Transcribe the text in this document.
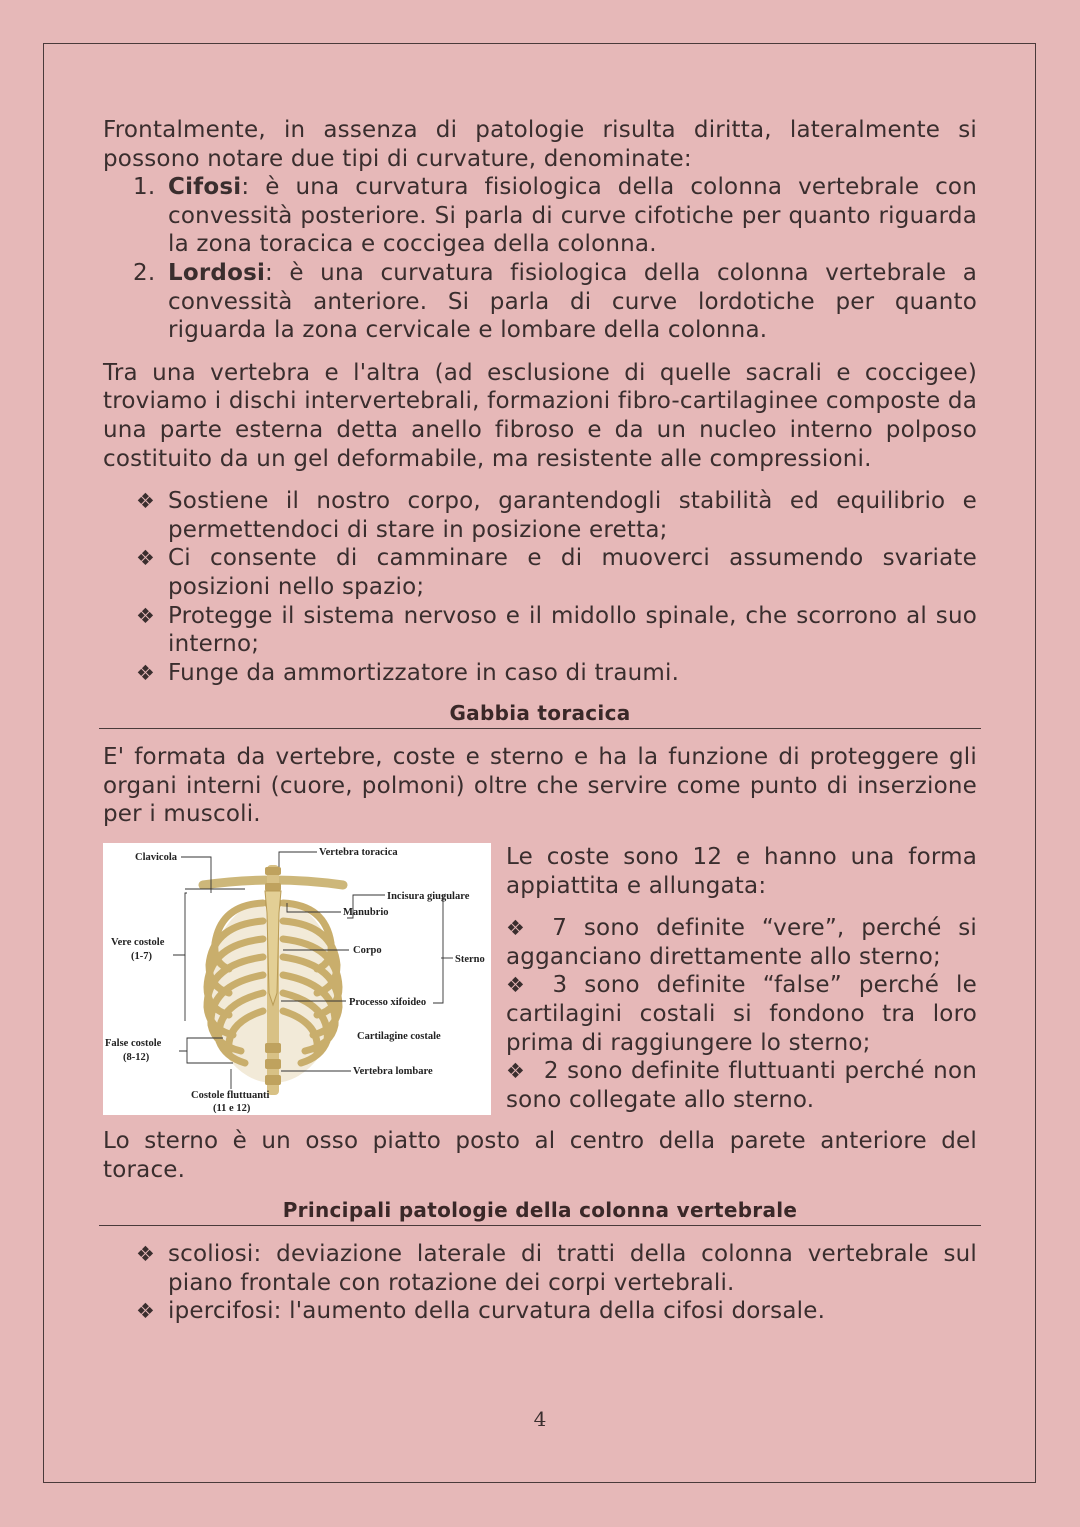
Frontalmente, in assenza di patologie risulta diritta, lateralmente si possono notare due tipi di curvature, denominate:

1. Cifosi: è una curvatura fisiologica della colonna vertebrale con convessità posteriore. Si parla di curve cifotiche per quanto riguarda la zona toracica e coccigea della colonna.
2. Lordosi: è una curvatura fisiologica della colonna vertebrale a convessità anteriore. Si parla di curve lordotiche per quanto riguarda la zona cervicale e lombare della colonna.

Tra una vertebra e l'altra (ad esclusione di quelle sacrali e coccigee) troviamo i dischi intervertebrali, formazioni fibro-cartilaginee composte da una parte esterna detta anello fibroso e da un nucleo interno polposo costituito da un gel deformabile, ma resistente alle compressioni.

❖ Sostiene il nostro corpo, garantendogli stabilità ed equilibrio e permettendoci di stare in posizione eretta;
❖ Ci consente di camminare e di muoverci assumendo svariate posizioni nello spazio;
❖ Protegge il sistema nervoso e il midollo spinale, che scorrono al suo interno;
❖ Funge da ammortizzatore in caso di traumi.
Gabbia toracica

E' formata da vertebre, coste e sterno e ha la funzione di proteggere gli organi interni (cuore, polmoni) oltre che servire come punto di inserzione per i muscoli.

Clavicola	Vertebra toracica
Incisura giugulare
Manubrio
Vere costole
(1-7)
Corpo
Sterno
Processo xifoideo
Cartilagine costale
False costole
(8-12)
Vertebra lombare
Costole fluttuanti
(11 e 12)

Le coste sono 12 e hanno una forma appiattita e allungata:

❖ 7 sono definite “vere”, perché si agganciano direttamente allo sterno;
❖ 3 sono definite “false” perché le cartilagini costali si fondono tra loro prima di raggiungere lo sterno;
❖ 2 sono definite fluttuanti perché non sono collegate allo sterno.

Lo sterno è un osso piatto posto al centro della parete anteriore del torace.

Principali patologie della colonna vertebrale
❖ scoliosi: deviazione laterale di tratti della colonna vertebrale sul piano frontale con rotazione dei corpi vertebrali.
❖ ipercifosi: l'aumento della curvatura della cifosi dorsale.
4
